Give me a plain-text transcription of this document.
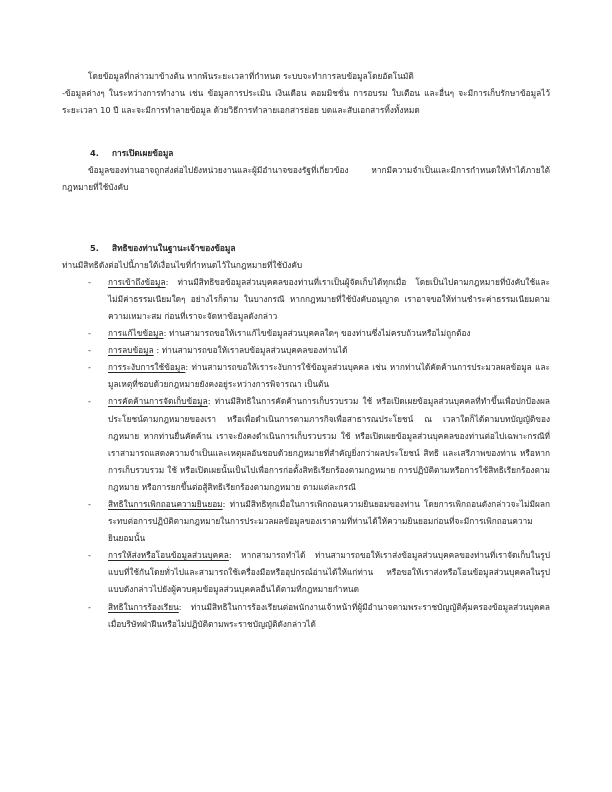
โดยข้อมูลที่กล่าวมาข้างต้น หากพ้นระยะเวลาที่กำหนด ระบบจะทำการลบข้อมูลโดยอัตโนมัติ

-ข้อมูลต่างๆ ในระหว่างการทำงาน เช่น ข้อมูลการประเมิน เงินเดือน คอมมิชชั่น การอบรม ใบเตือน และอื่นๆ จะมีการเก็บรักษาข้อมูลไว้ระยะเวลา 10 ปี และจะมีการทำลายข้อมูล ด้วยวิธีการทำลายเอกสารย่อย บดและสับเอกสารทิ้งทั้งหมด

4.	การเปิดเผยข้อมูล

ข้อมูลของท่านอาจถูกส่งต่อไปยังหน่วยงานและผู้มีอำนาจของรัฐที่เกี่ยวข้อง หากมีความจำเป็นและมีการกำหนดให้ทำได้ภายใต้กฎหมายที่ใช้บังคับ

5.	สิทธิของท่านในฐานะเจ้าของข้อมูล

ท่านมีสิทธิดังต่อไปนี้ภายใต้เงื่อนไขที่กำหนดไว้ในกฎหมายที่ใช้บังคับ

-	การเข้าถึงข้อมูล: ท่านมีสิทธิขอข้อมูลส่วนบุคคลของท่านที่เราเป็นผู้จัดเก็บได้ทุกเมื่อ โดยเป็นไปตามกฎหมายที่บังคับใช้และไม่มีค่าธรรมเนียมใดๆ อย่างไรก็ตาม ในบางกรณี หากกฎหมายที่ใช้บังคับอนุญาต เราอาจขอให้ท่านชำระค่าธรรมเนียมตามความเหมาะสม ก่อนที่เราจะจัดหาข้อมูลดังกล่าว
-	การแก้ไขข้อมูล: ท่านสามารถขอให้เราแก้ไขข้อมูลส่วนบุคคลใดๆ ของท่านซึ่งไม่ครบถ้วนหรือไม่ถูกต้อง
-	การลบข้อมูล : ท่านสามารถขอให้เราลบข้อมูลส่วนบุคคลของท่านได้
-	การระงับการใช้ข้อมูล: ท่านสามารถขอให้เราระงับการใช้ข้อมูลส่วนบุคคล เช่น หากท่านได้คัดค้านการประมวลผลข้อมูล และมูลเหตุที่ชอบด้วยกฎหมายยังคงอยู่ระหว่างการพิจารณา เป็นต้น
-	การคัดค้านการจัดเก็บข้อมูล: ท่านมีสิทธิในการคัดค้านการเก็บรวบรวม ใช้ หรือเปิดเผยข้อมูลส่วนบุคคลที่ทำขึ้นเพื่อปกป้องผลประโยชน์ตามกฎหมายของเรา หรือเพื่อดำเนินการตามภารกิจเพื่อสาธารณประโยชน์ ณ เวลาใดก็ได้ตามบทบัญญัติของกฎหมาย หากท่านยื่นคัดค้าน เราจะยังคงดำเนินการเก็บรวบรวม ใช้ หรือเปิดเผยข้อมูลส่วนบุคคลของท่านต่อไปเฉพาะกรณีที่เราสามารถแสดงความจำเป็นและเหตุผลอันชอบด้วยกฎหมายที่สำคัญยิ่งกว่าผลประโยชน์ สิทธิ และเสรีภาพของท่าน หรือหากการเก็บรวบรวม ใช้ หรือเปิดเผยนั้นเป็นไปเพื่อการก่อตั้งสิทธิเรียกร้องตามกฎหมาย การปฏิบัติตามหรือการใช้สิทธิเรียกร้องตามกฎหมาย หรือการยกขึ้นต่อสู้สิทธิเรียกร้องตามกฎหมาย ตามแต่ละกรณี
-	สิทธิในการเพิกถอนความยินยอม: ท่านมีสิทธิทุกเมื่อในการเพิกถอนความยินยอมของท่าน โดยการเพิกถอนดังกล่าวจะไม่มีผลกระทบต่อการปฏิบัติตามกฎหมายในการประมวลผลข้อมูลของเราตามที่ท่านได้ให้ความยินยอมก่อนที่จะมีการเพิกถอนความยินยอมนั้น
-	การให้ส่งหรือโอนข้อมูลส่วนบุคคล: หากสามารถทำได้ ท่านสามารถขอให้เราส่งข้อมูลส่วนบุคคลของท่านที่เราจัดเก็บในรูปแบบที่ใช้กันโดยทั่วไปและสามารถใช้เครื่องมือหรืออุปกรณ์อ่านได้ให้แก่ท่าน หรือขอให้เราส่งหรือโอนข้อมูลส่วนบุคคลในรูปแบบดังกล่าวไปยังผู้ควบคุมข้อมูลส่วนบุคคลอื่นได้ตามที่กฎหมายกำหนด
-	สิทธิในการร้องเรียน: ท่านมีสิทธิในการร้องเรียนต่อพนักงานเจ้าหน้าที่ผู้มีอำนาจตามพระราชบัญญัติคุ้มครองข้อมูลส่วนบุคคล เมื่อบริษัทฝ่าฝืนหรือไม่ปฏิบัติตามพระราชบัญญัติดังกล่าวได้
